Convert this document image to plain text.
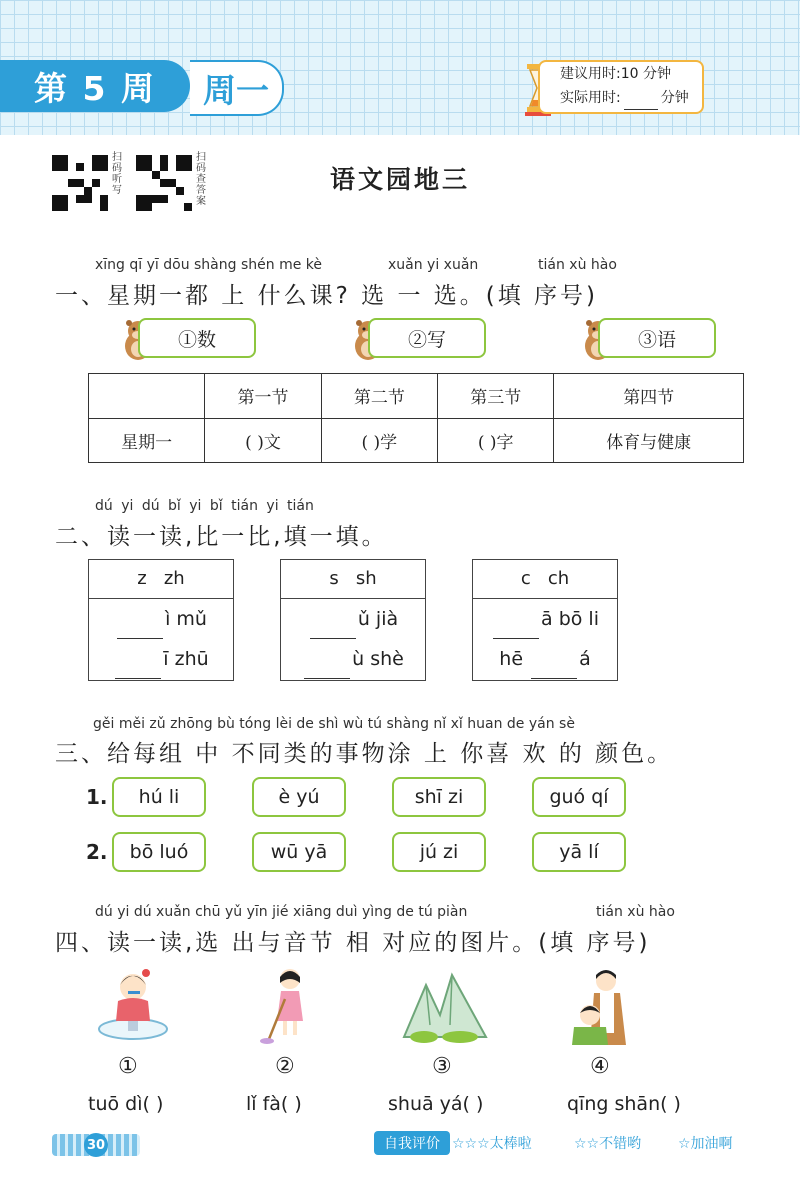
第 5 周	周一	建议用时:10 分钟
实际用时:	分钟
扫码听写
扫码查答案
语文园地三
xīng qī yī dōu shàng shén me kè	xuǎn yi xuǎn	tián xù hào
一、星期一都 上 什么课? 选 一 选。(填 序号)
①数	②写	③语
	第一节	第二节	第三节	第四节
星期一	( )文	( )学	( )字	体育与健康
dú yi dú bǐ yi bǐ tián yi tián
二、读一读,比一比,填一填。
z   zh
ì mǔ
ī zhū
s   sh
ǔ jià
ù shè
c   ch
ā bō li
hē	á
gěi měi zǔ zhōng bù tóng lèi de shì wù tú shàng nǐ xǐ huan de yán sè
三、给每组 中 不同类的事物涂 上 你喜 欢 的 颜色。
1.	hú li	è yú	shī zi	guó qí
2.	bō luó	wū yā	jú zi	yā lí
dú yi dú xuǎn chū yǔ yīn jié xiāng duì yìng de tú piàn	tián xù hào
四、读一读,选 出与音节 相 对应的图片。(填 序号)
①	②	③	④
tuō dì( )	lǐ fà( )	shuā yá( )	qīng shān( )
30	自我评价 ☆☆☆太棒啦	☆☆不错哟	☆加油啊
